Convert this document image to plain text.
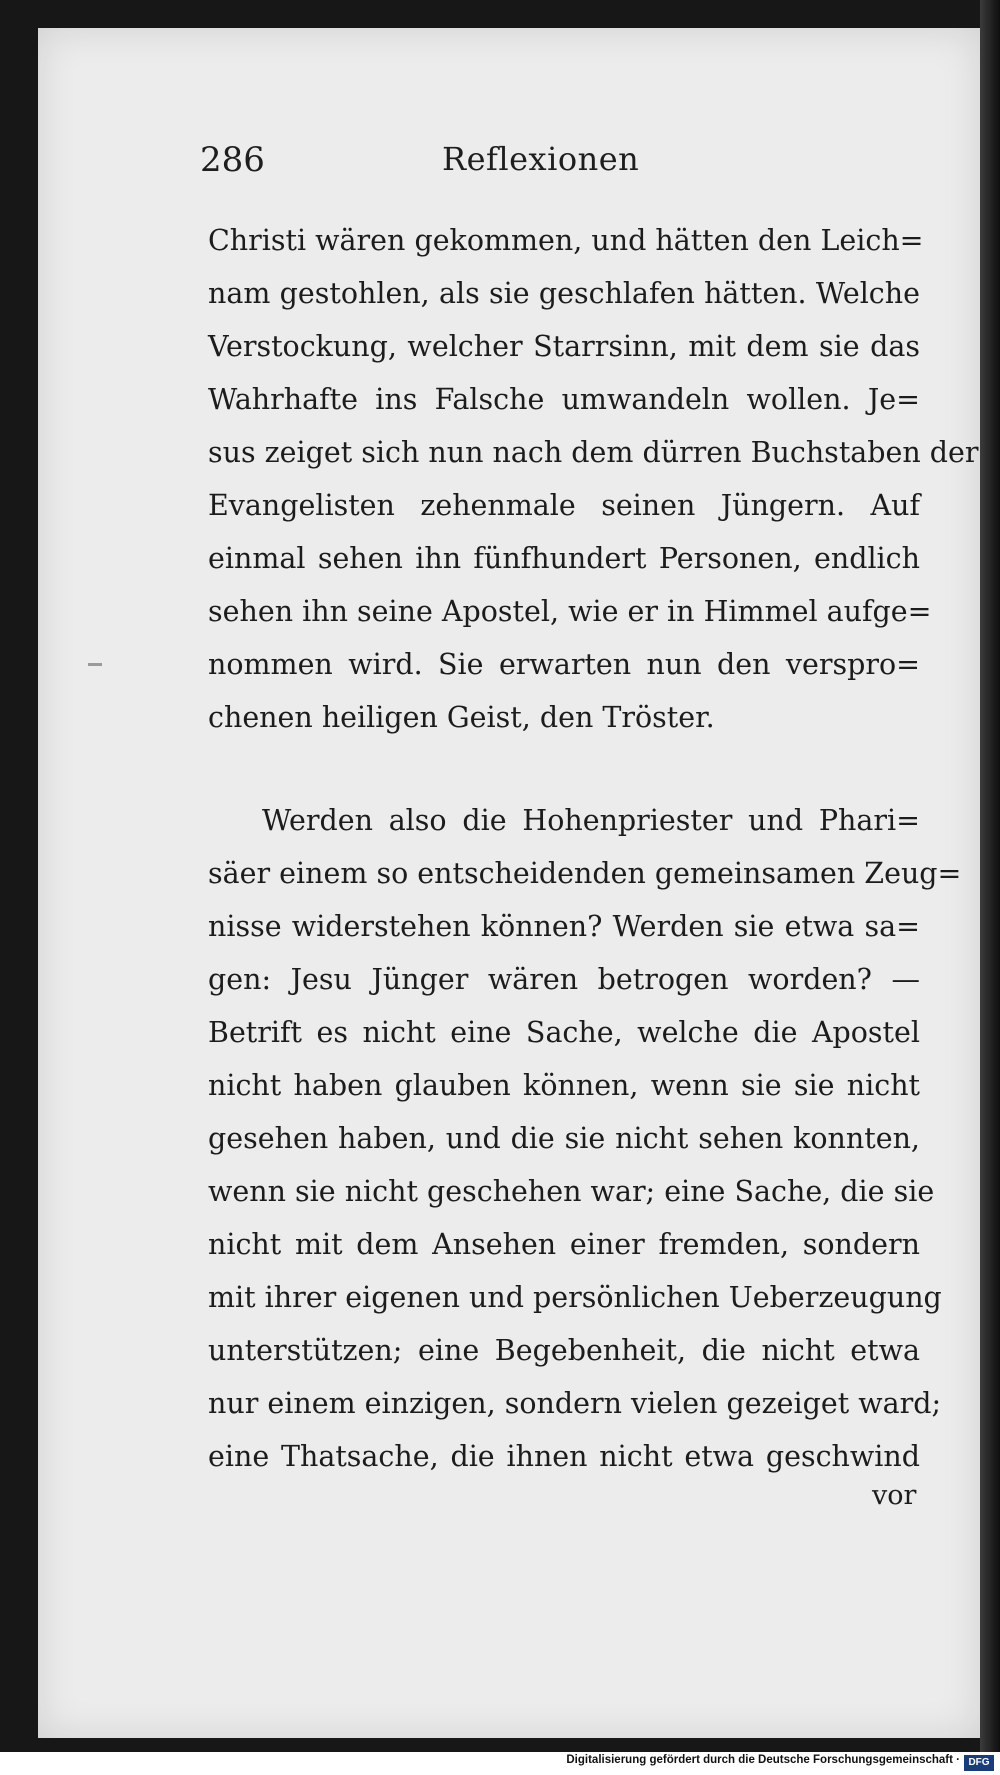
286	Reflexionen
Christi wären gekommen, und hätten den Leich=
nam gestohlen, als sie geschlafen hätten. Welche
Verstockung, welcher Starrsinn, mit dem sie das
Wahrhafte ins Falsche umwandeln wollen. Je=
sus zeiget sich nun nach dem dürren Buchstaben der
Evangelisten zehenmale seinen Jüngern. Auf
einmal sehen ihn fünfhundert Personen, endlich
sehen ihn seine Apostel, wie er in Himmel aufge=
nommen wird. Sie erwarten nun den verspro=
chenen heiligen Geist, den Tröster.
Werden also die Hohenpriester und Phari=
säer einem so entscheidenden gemeinsamen Zeug=
nisse widerstehen können? Werden sie etwa sa=
gen: Jesu Jünger wären betrogen worden? —
Betrift es nicht eine Sache, welche die Apostel
nicht haben glauben können, wenn sie sie nicht
gesehen haben, und die sie nicht sehen konnten,
wenn sie nicht geschehen war; eine Sache, die sie
nicht mit dem Ansehen einer fremden, sondern
mit ihrer eigenen und persönlichen Ueberzeugung
unterstützen; eine Begebenheit, die nicht etwa
nur einem einzigen, sondern vielen gezeiget ward;
eine Thatsache, die ihnen nicht etwa geschwind
vor
Digitalisierung gefördert durch die Deutsche Forschungsgemeinschaft · DFG
